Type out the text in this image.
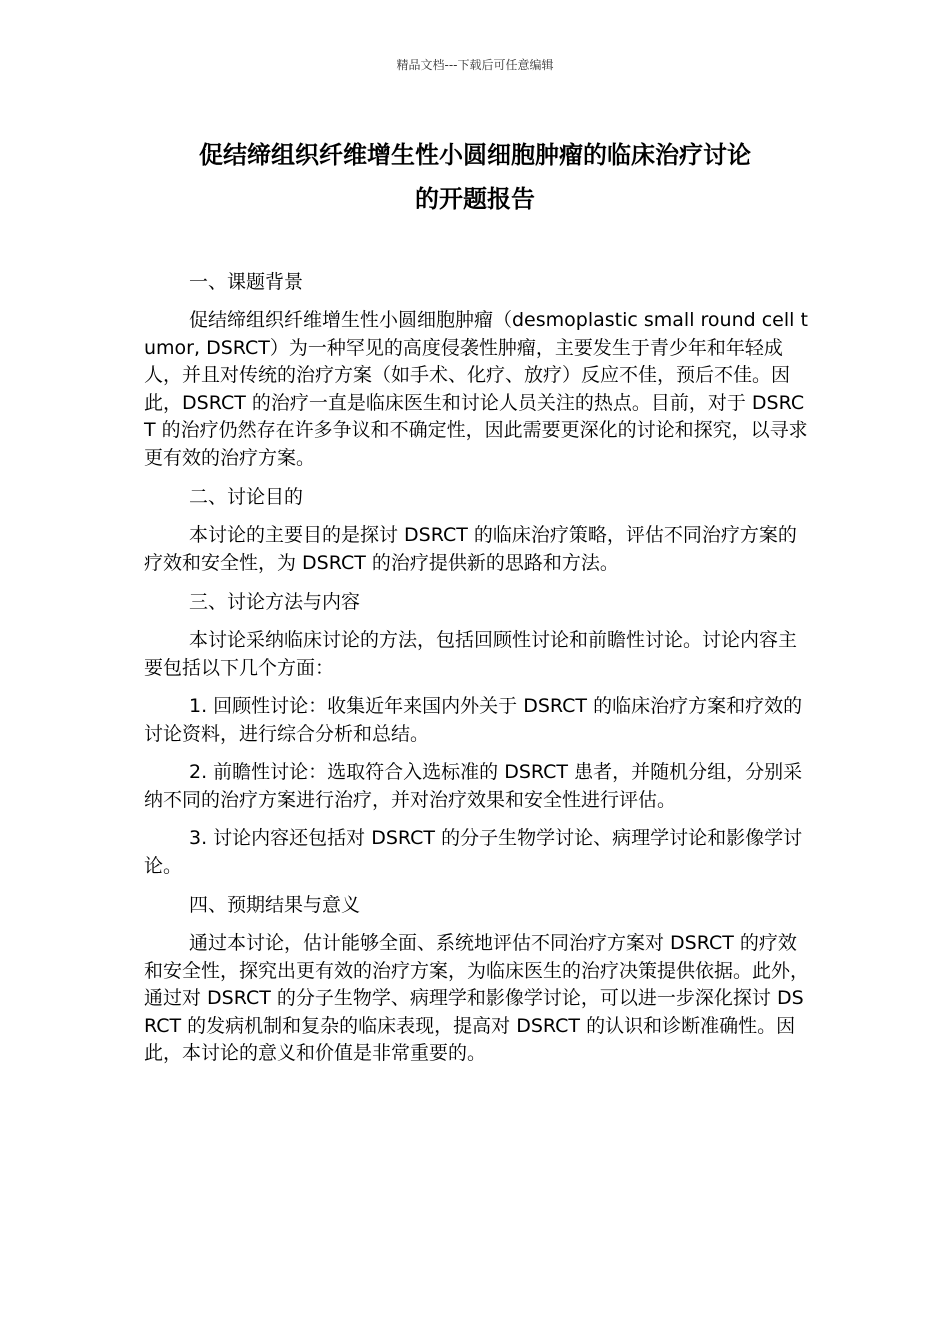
精品文档---下载后可任意编辑
促结缔组织纤维增生性小圆细胞肿瘤的临床治疗讨论
的开题报告

一、课题背景

促结缔组织纤维增生性小圆细胞肿瘤（desmoplastic small round cell tumor, DSRCT）为一种罕见的高度侵袭性肿瘤，主要发生于青少年和年轻成人，并且对传统的治疗方案（如手术、化疗、放疗）反应不佳，预后不佳。因此，DSRCT 的治疗一直是临床医生和讨论人员关注的热点。目前，对于 DSRCT 的治疗仍然存在许多争议和不确定性，因此需要更深化的讨论和探究，以寻求更有效的治疗方案。

二、讨论目的

本讨论的主要目的是探讨 DSRCT 的临床治疗策略，评估不同治疗方案的疗效和安全性，为 DSRCT 的治疗提供新的思路和方法。

三、讨论方法与内容

本讨论采纳临床讨论的方法，包括回顾性讨论和前瞻性讨论。讨论内容主要包括以下几个方面：

1. 回顾性讨论：收集近年来国内外关于 DSRCT 的临床治疗方案和疗效的讨论资料，进行综合分析和总结。

2. 前瞻性讨论：选取符合入选标准的 DSRCT 患者，并随机分组，分别采纳不同的治疗方案进行治疗，并对治疗效果和安全性进行评估。

3. 讨论内容还包括对 DSRCT 的分子生物学讨论、病理学讨论和影像学讨论。

四、预期结果与意义

通过本讨论，估计能够全面、系统地评估不同治疗方案对 DSRCT 的疗效和安全性，探究出更有效的治疗方案，为临床医生的治疗决策提供依据。此外，通过对 DSRCT 的分子生物学、病理学和影像学讨论，可以进一步深化探讨 DSRCT 的发病机制和复杂的临床表现，提高对 DSRCT 的认识和诊断准确性。因此，本讨论的意义和价值是非常重要的。
